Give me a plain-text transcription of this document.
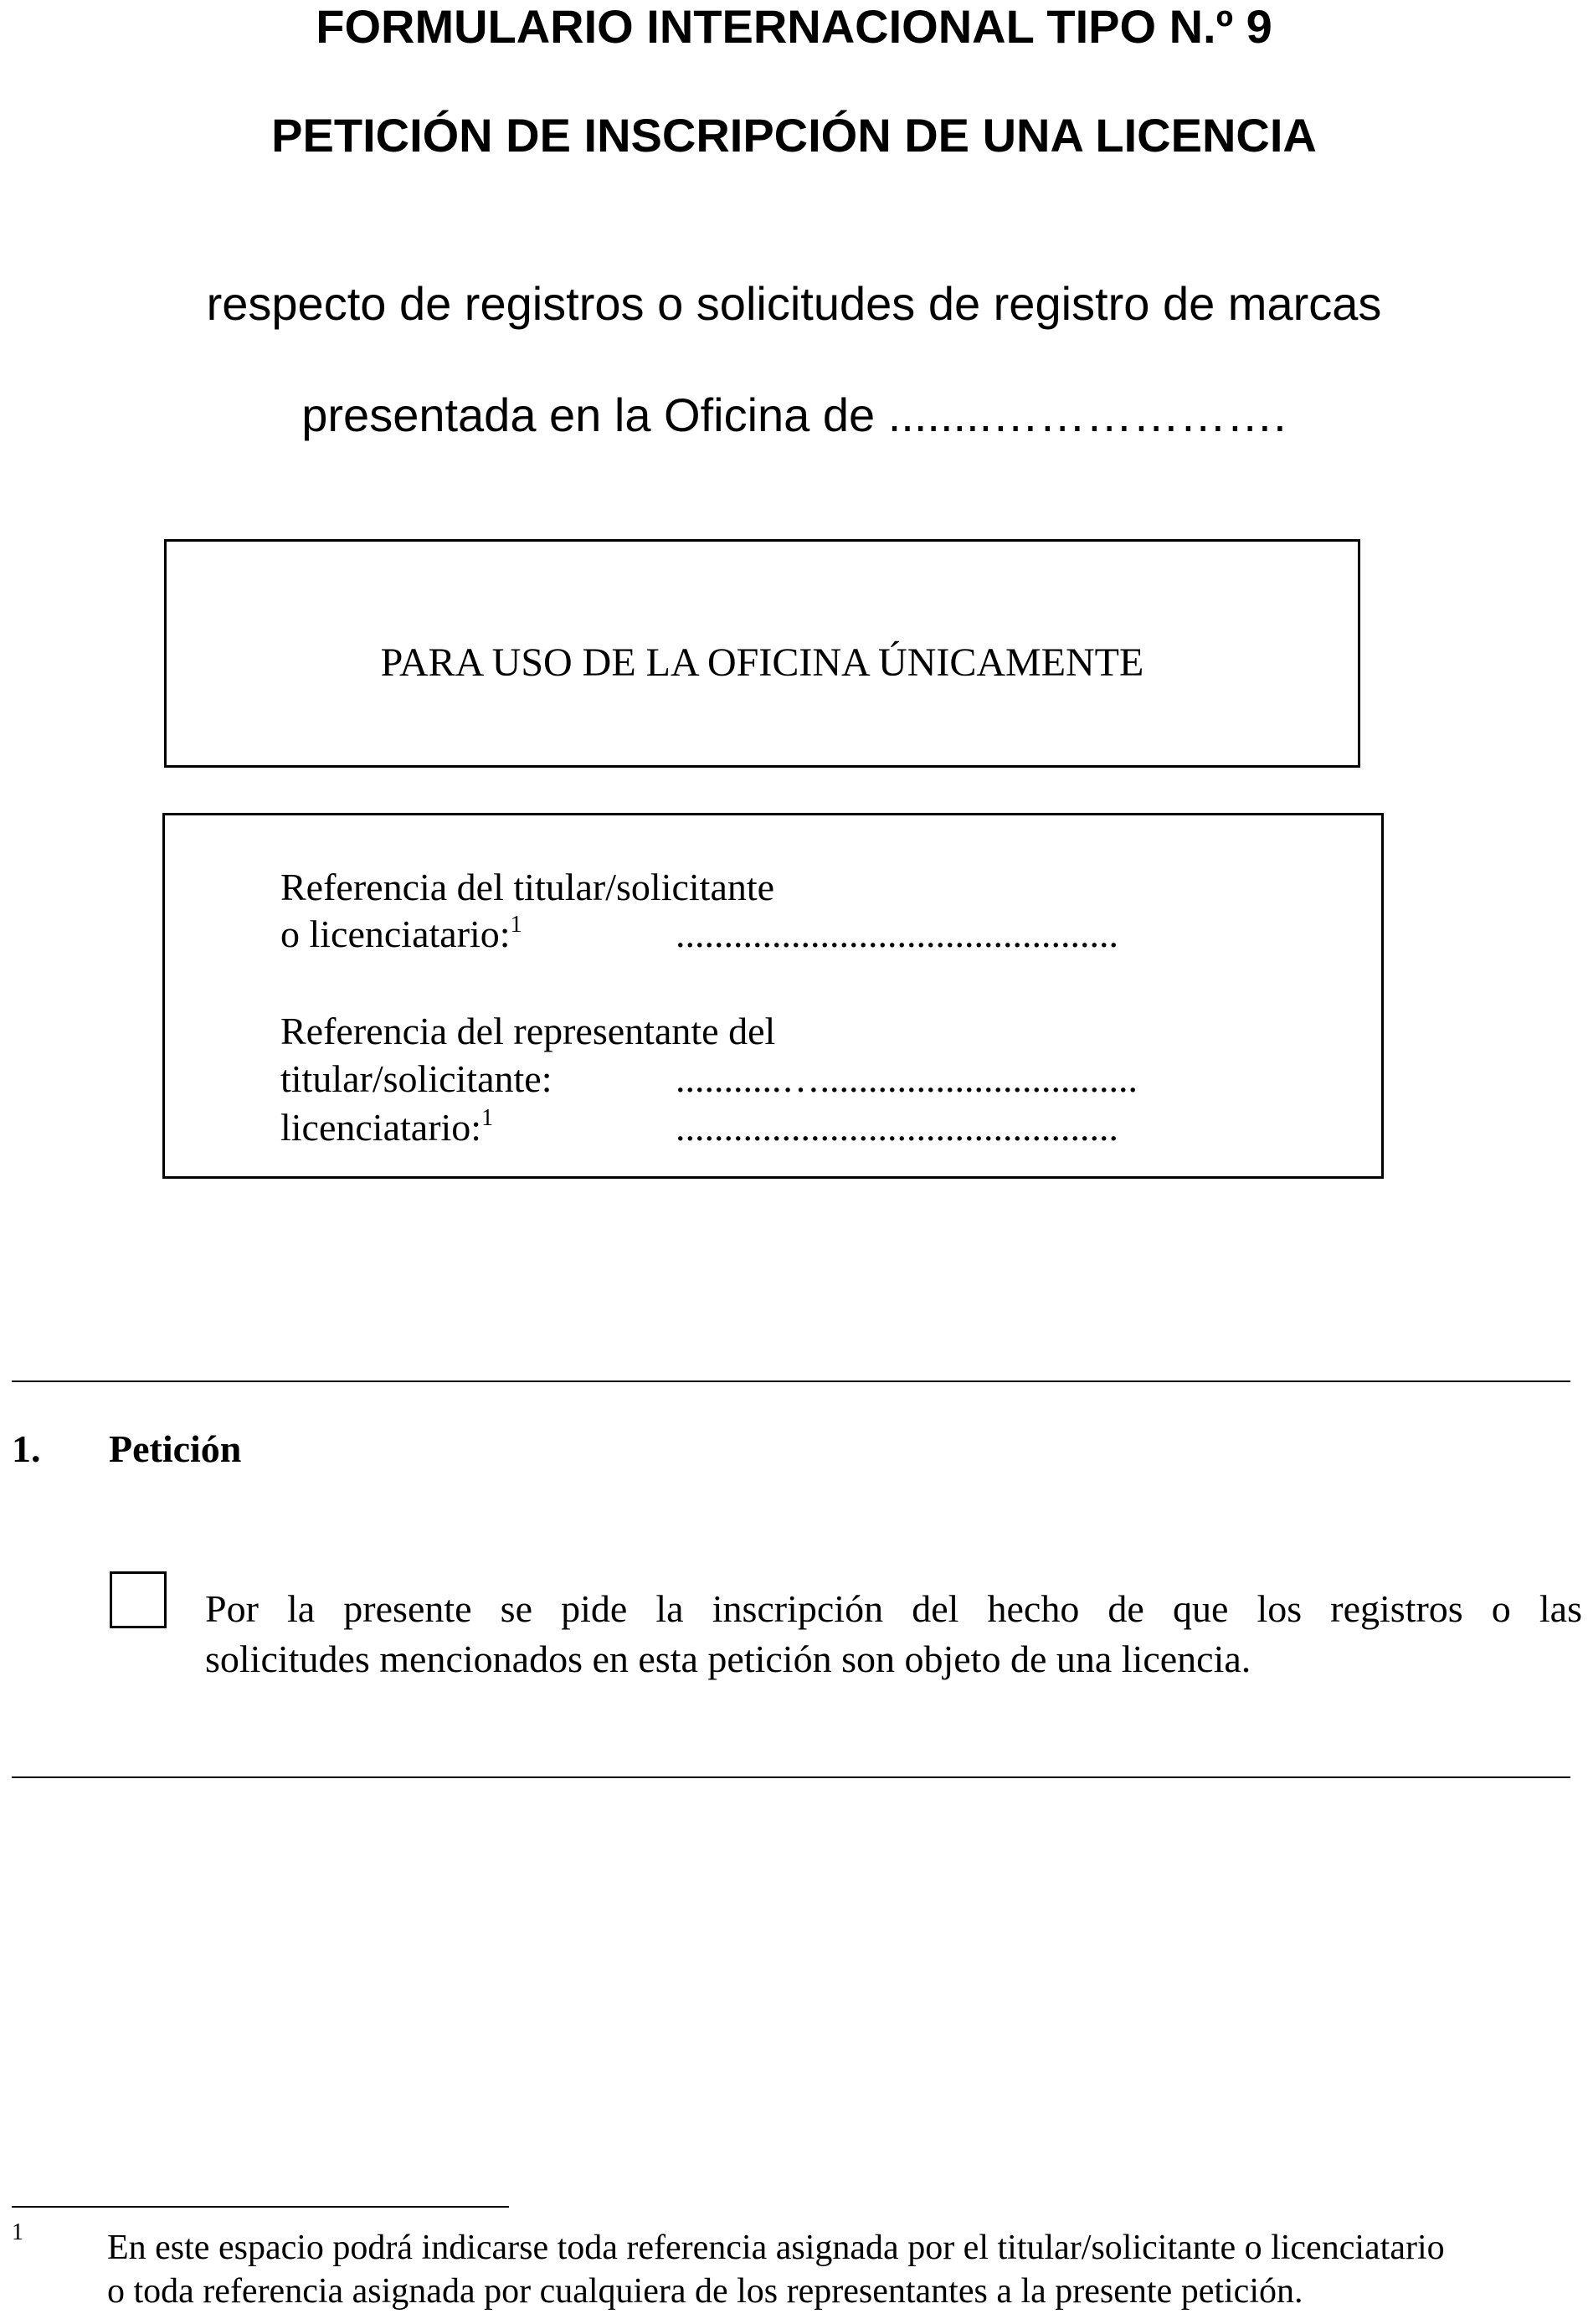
FORMULARIO INTERNACIONAL TIPO N.º 9
PETICIÓN DE INSCRIPCIÓN DE UNA LICENCIA
respecto de registros o solicitudes de registro de marcas
presentada en la Oficina de ........……………….
PARA USO DE LA OFICINA ÚNICAMENTE
Referencia del titular/solicitante
o licenciatario:$^1$	..............................................
Referencia del representante del
titular/solicitante:	...........….................................
licenciatario:$^1$	..............................................
1. Petición
Por la presente se pide la inscripción del hecho de que los registros o las
solicitudes mencionados en esta petición son objeto de una licencia.
1 En este espacio podrá indicarse toda referencia asignada por el titular/solicitante o licenciatario
o toda referencia asignada por cualquiera de los representantes a la presente petición.
